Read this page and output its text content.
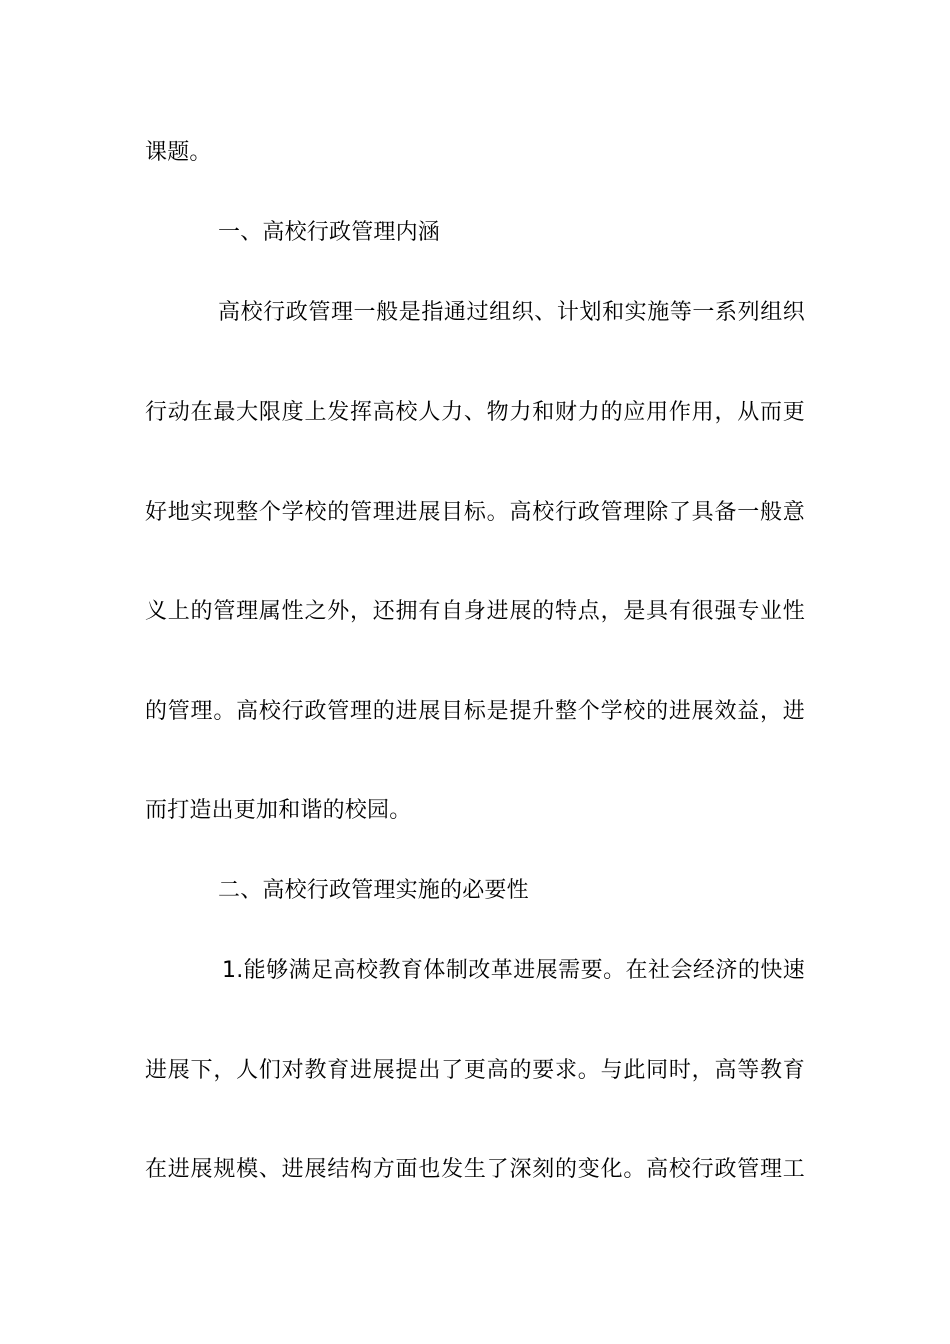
课题。
一、高校行政管理内涵
高校行政管理一般是指通过组织、计划和实施等一系列组织
行动在最大限度上发挥高校人力、物力和财力的应用作用，从而更
好地实现整个学校的管理进展目标。高校行政管理除了具备一般意
义上的管理属性之外，还拥有自身进展的特点，是具有很强专业性
的管理。高校行政管理的进展目标是提升整个学校的进展效益，进
而打造出更加和谐的校园。
二、高校行政管理实施的必要性
1.能够满足高校教育体制改革进展需要。在社会经济的快速
进展下，人们对教育进展提出了更高的要求。与此同时，高等教育
在进展规模、进展结构方面也发生了深刻的变化。高校行政管理工
